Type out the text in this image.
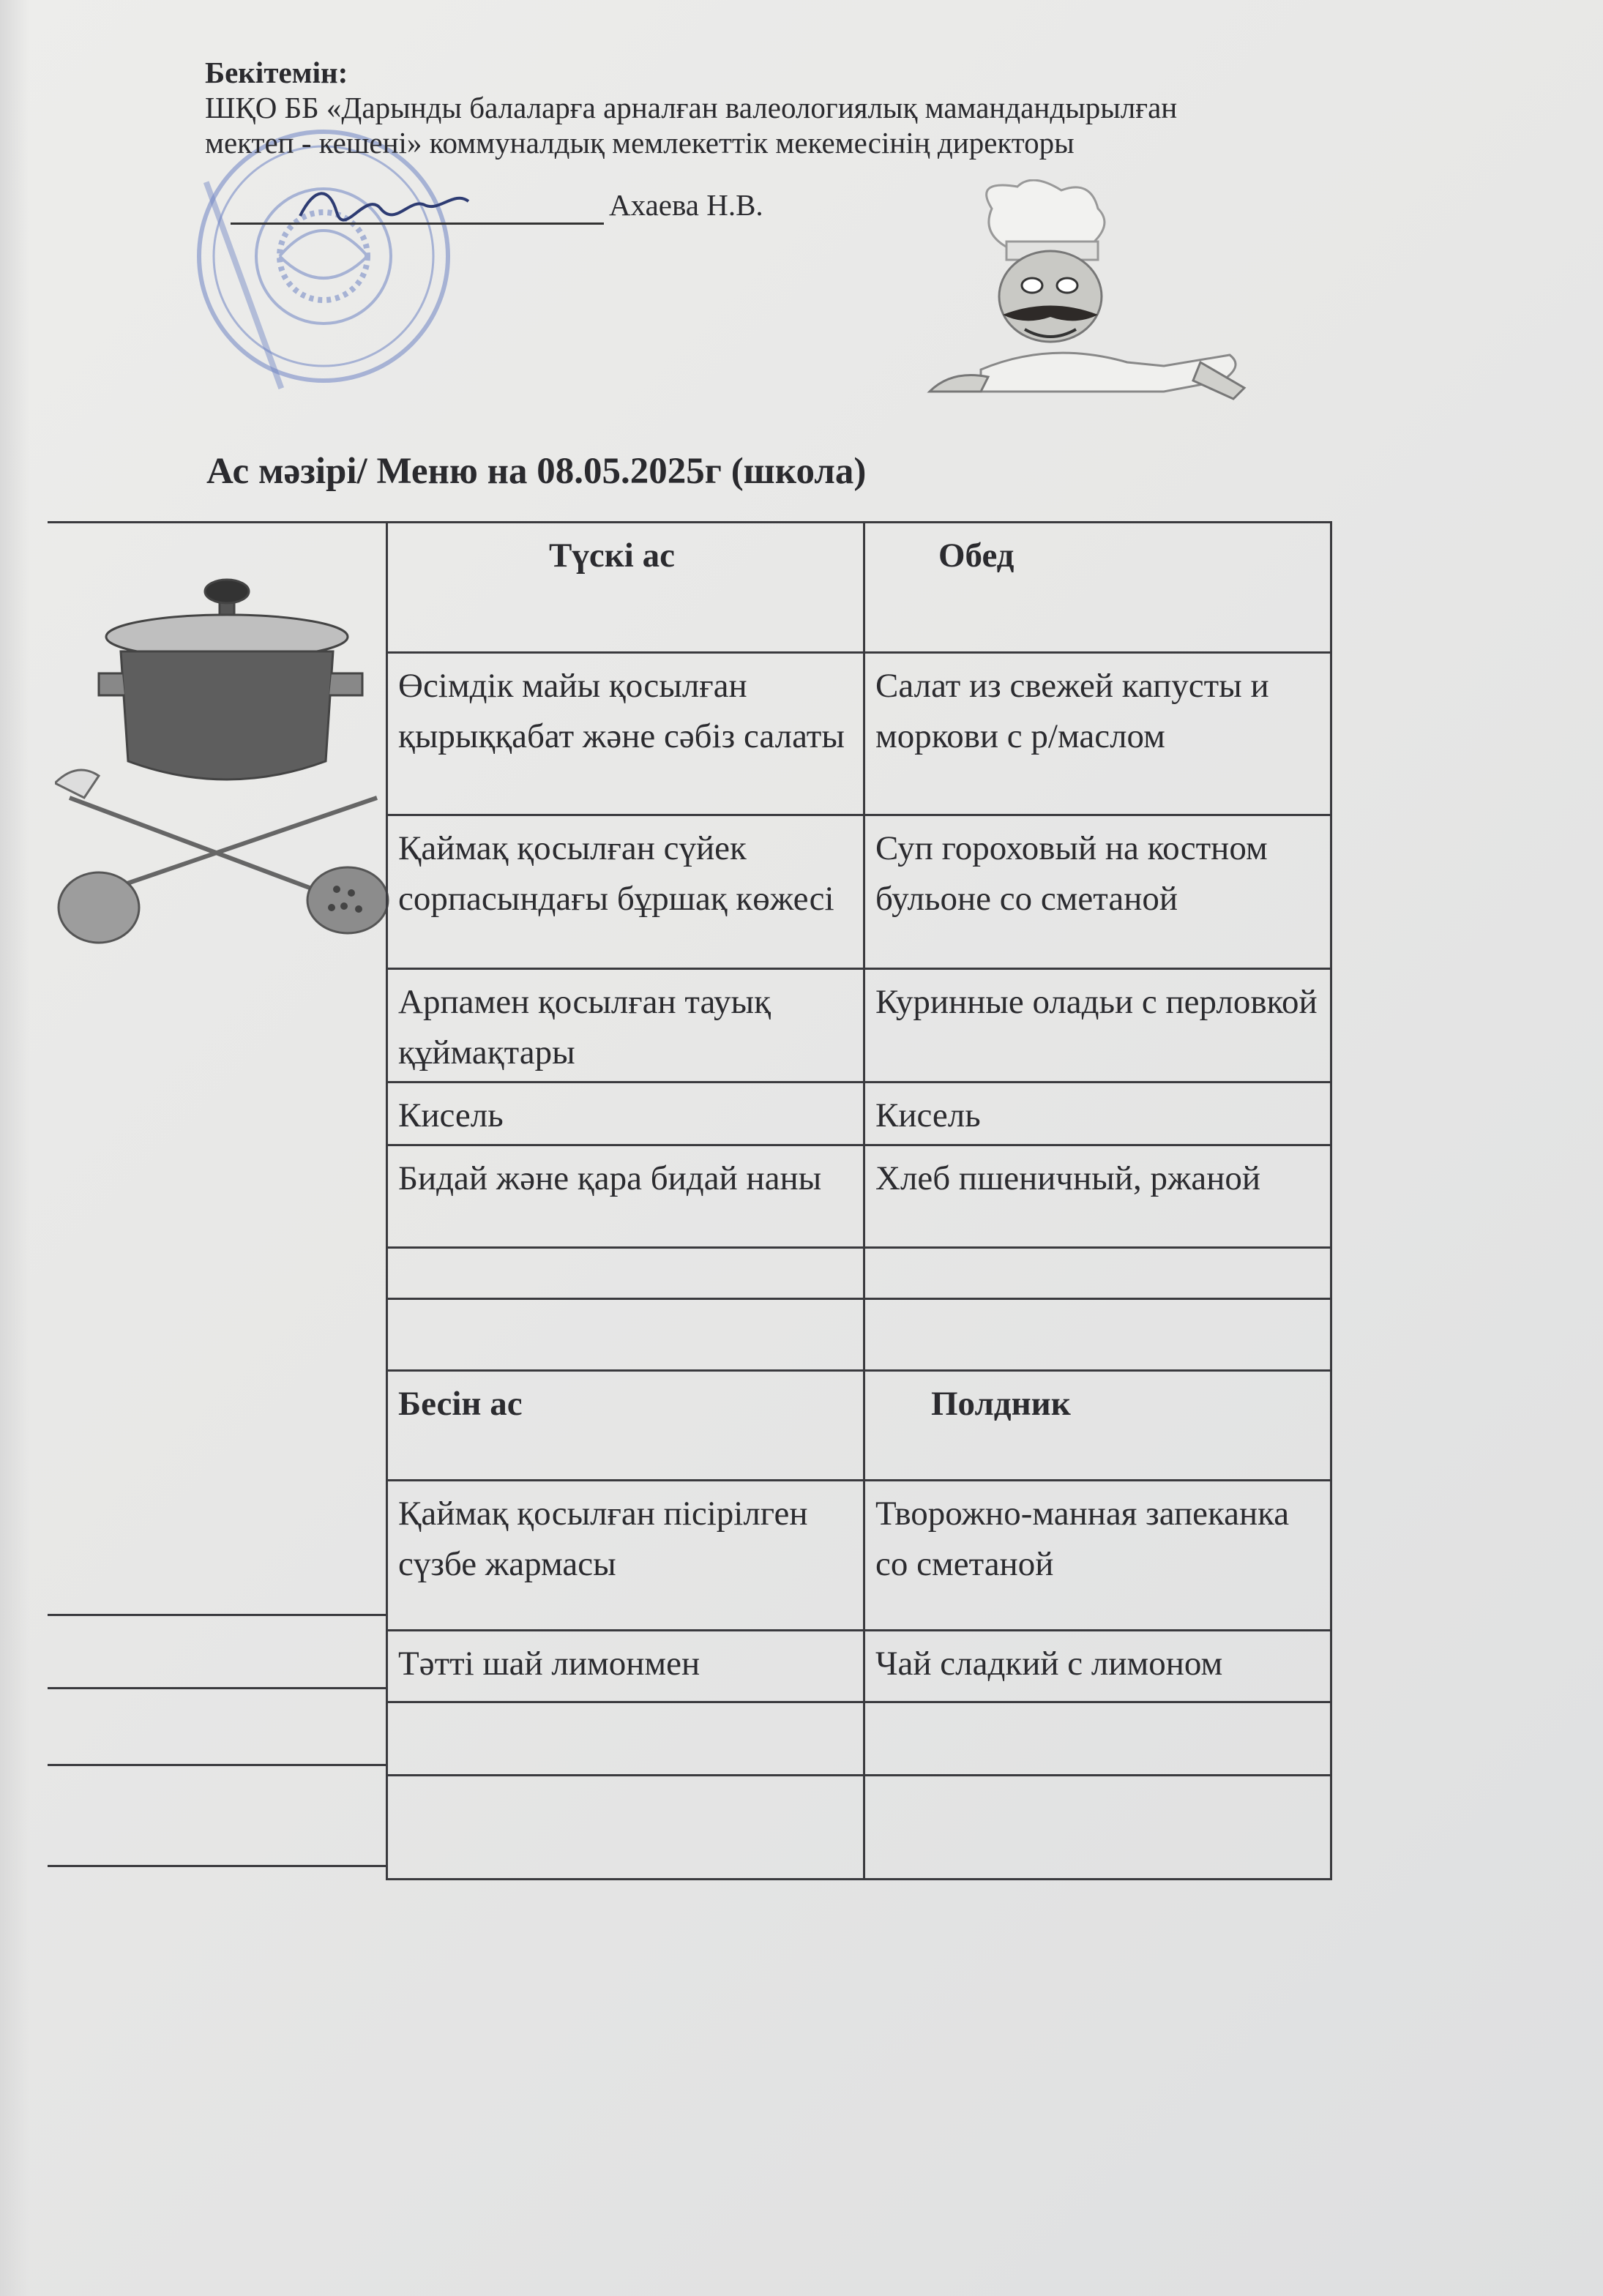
Бекітемін:
ШҚО ББ «Дарынды балаларға арналған валеологиялық мамандандырылған
мектеп - кешені» коммуналдық мемлекеттік мекемесінің директоры
Ахаева Н.В.
Ас мәзірі/ Меню на 08.05.2025г (школа)
Түскі ас	Обед
Өсімдік майы қосылған қырыққабат және сәбіз салаты	Салат из свежей капусты и моркови с р/маслом
Қаймақ қосылған сүйек сорпасындағы бұршақ көжесі	Суп гороховый на костном бульоне со сметаной
Арпамен қосылған тауық құймақтары	Куринные оладьи с перловкой
Кисель	Кисель
Бидай және қара бидай наны	Хлеб пшеничный, ржаной

Бесін ас	Полдник
Қаймақ қосылған пісірілген сүзбе жармасы	Творожно-манная запеканка со сметаной
Тәтті шай лимонмен	Чай сладкий с лимоном
